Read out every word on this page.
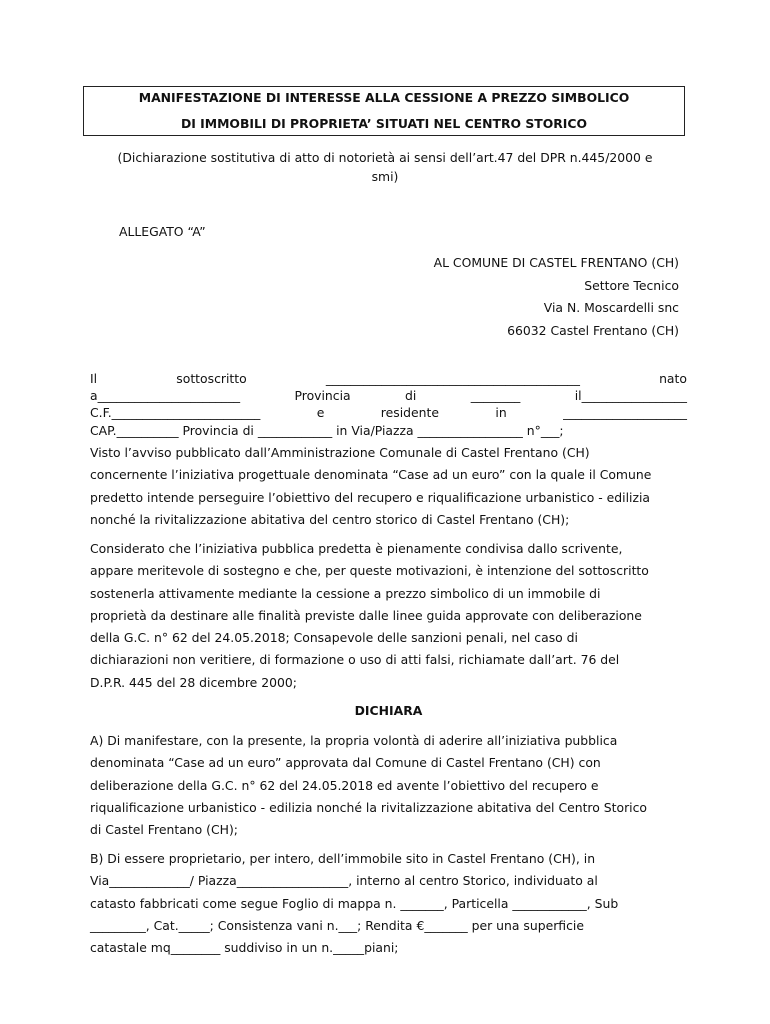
MANIFESTAZIONE DI INTERESSE ALLA CESSIONE A PREZZO SIMBOLICO
DI IMMOBILI DI PROPRIETA’ SITUATI NEL CENTRO STORICO
(Dichiarazione sostitutiva di atto di notorietà ai sensi dell’art.47 del DPR n.445/2000 e
smi)
ALLEGATO “A”
AL COMUNE DI CASTEL FRENTANO (CH)
Settore Tecnico
Via N. Moscardelli snc
66032 Castel Frentano (CH)
Il	sottoscritto	_________________________________________	nato
a_______________________	Provincia	di	________	il_________________
C.F.________________________	e	residente	in	____________________
CAP.__________ Provincia di ____________ in Via/Piazza _________________ n°___;
Visto l’avviso pubblicato dall’Amministrazione Comunale di Castel Frentano (CH)
concernente l’iniziativa progettuale denominata “Case ad un euro” con la quale il Comune
predetto intende perseguire l’obiettivo del recupero e riqualificazione urbanistico - edilizia
nonché la rivitalizzazione abitativa del centro storico di Castel Frentano (CH);
Considerato che l’iniziativa pubblica predetta è pienamente condivisa dallo scrivente,
appare meritevole di sostegno e che, per queste motivazioni, è intenzione del sottoscritto
sostenerla attivamente mediante la cessione a prezzo simbolico di un immobile di
proprietà da destinare alle finalità previste dalle linee guida approvate con deliberazione
della G.C. n° 62 del 24.05.2018; Consapevole delle sanzioni penali, nel caso di
dichiarazioni non veritiere, di formazione o uso di atti falsi, richiamate dall’art. 76 del
D.P.R. 445 del 28 dicembre 2000;
DICHIARA
A) Di manifestare, con la presente, la propria volontà di aderire all’iniziativa pubblica
denominata “Case ad un euro” approvata dal Comune di Castel Frentano (CH) con
deliberazione della G.C. n° 62 del 24.05.2018 ed avente l’obiettivo del recupero e
riqualificazione urbanistico - edilizia nonché la rivitalizzazione abitativa del Centro Storico
di Castel Frentano (CH);
B) Di essere proprietario, per intero, dell’immobile sito in Castel Frentano (CH), in
Via_____________/ Piazza__________________, interno al centro Storico, individuato al
catasto fabbricati come segue Foglio di mappa n. _______, Particella ____________, Sub
_________, Cat._____; Consistenza vani n.___; Rendita €_______ per una superficie
catastale mq________ suddiviso in un n._____piani;
